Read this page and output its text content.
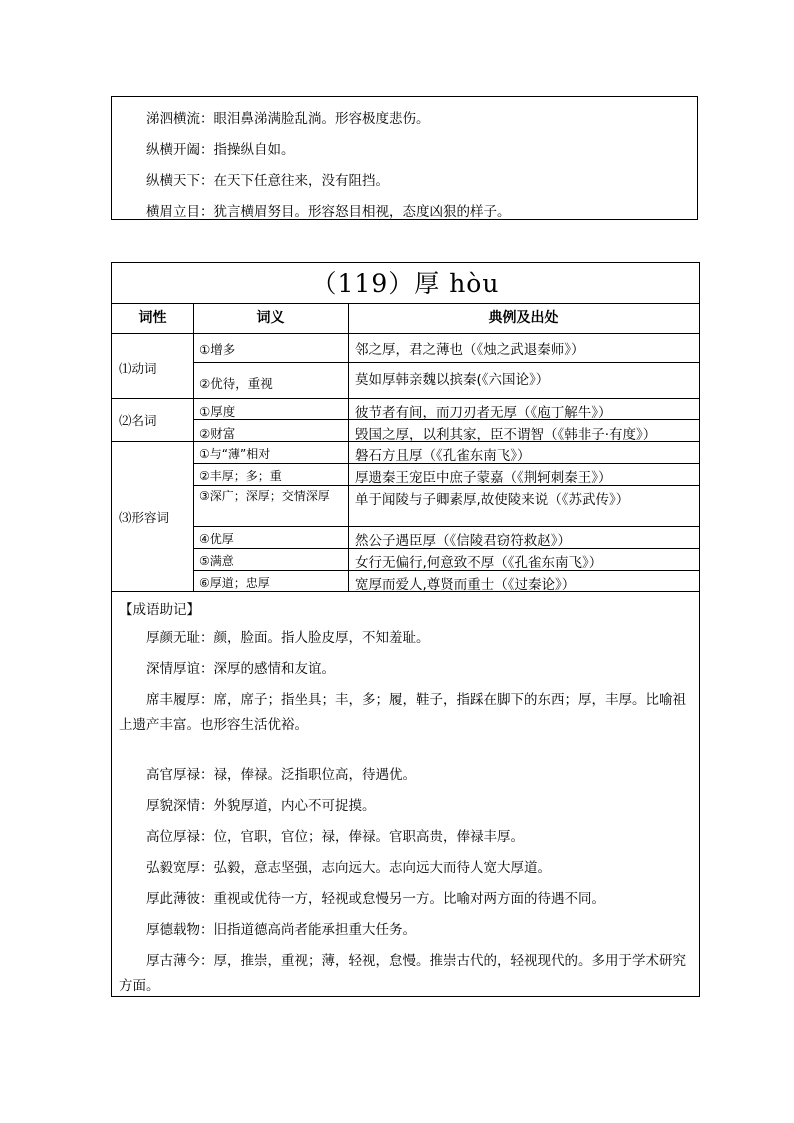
涕泗横流：眼泪鼻涕满脸乱淌。形容极度悲伤。
纵横开阖：指操纵自如。
纵横天下：在天下任意往来，没有阻挡。
横眉立目：犹言横眉努目。形容怒目相视，态度凶狠的样子。
（119）厚 hòu
词性	词义	典例及出处
⑴动词
①增多	邻之厚，君之薄也（《烛之武退秦师》）
②优待，重视	莫如厚韩亲魏以摈秦(《六国论》）
⑵名词
①厚度	彼节者有间，而刀刃者无厚（《庖丁解牛》）
②财富	毁国之厚，以利其家，臣不谓智（《韩非子·有度》）
⑶形容词
①与“薄”相对	磐石方且厚（《孔雀东南飞》）
②丰厚；多；重	厚遗秦王宠臣中庶子蒙嘉（《荆轲刺秦王》）
③深广；深厚；交情深厚	单于闻陵与子卿素厚,故使陵来说（《苏武传》）
④优厚	然公子遇臣厚（《信陵君窃符救赵》）
⑤满意	女行无偏行,何意致不厚（《孔雀东南飞》）
⑥厚道；忠厚	宽厚而爱人,尊贤而重士（《过秦论》）
【成语助记】
厚颜无耻：颜，脸面。指人脸皮厚，不知羞耻。
深情厚谊：深厚的感情和友谊。
席丰履厚：席，席子；指坐具；丰，多；履，鞋子，指踩在脚下的东西；厚，丰厚。比喻祖上遗产丰富。也形容生活优裕。
高官厚禄：禄，俸禄。泛指职位高，待遇优。
厚貌深情：外貌厚道，内心不可捉摸。
高位厚禄：位，官职，官位；禄，俸禄。官职高贵，俸禄丰厚。
弘毅宽厚：弘毅，意志坚强，志向远大。志向远大而待人宽大厚道。
厚此薄彼：重视或优待一方，轻视或怠慢另一方。比喻对两方面的待遇不同。
厚德载物：旧指道德高尚者能承担重大任务。
厚古薄今：厚，推崇，重视；薄，轻视，怠慢。推崇古代的，轻视现代的。多用于学术研究方面。
